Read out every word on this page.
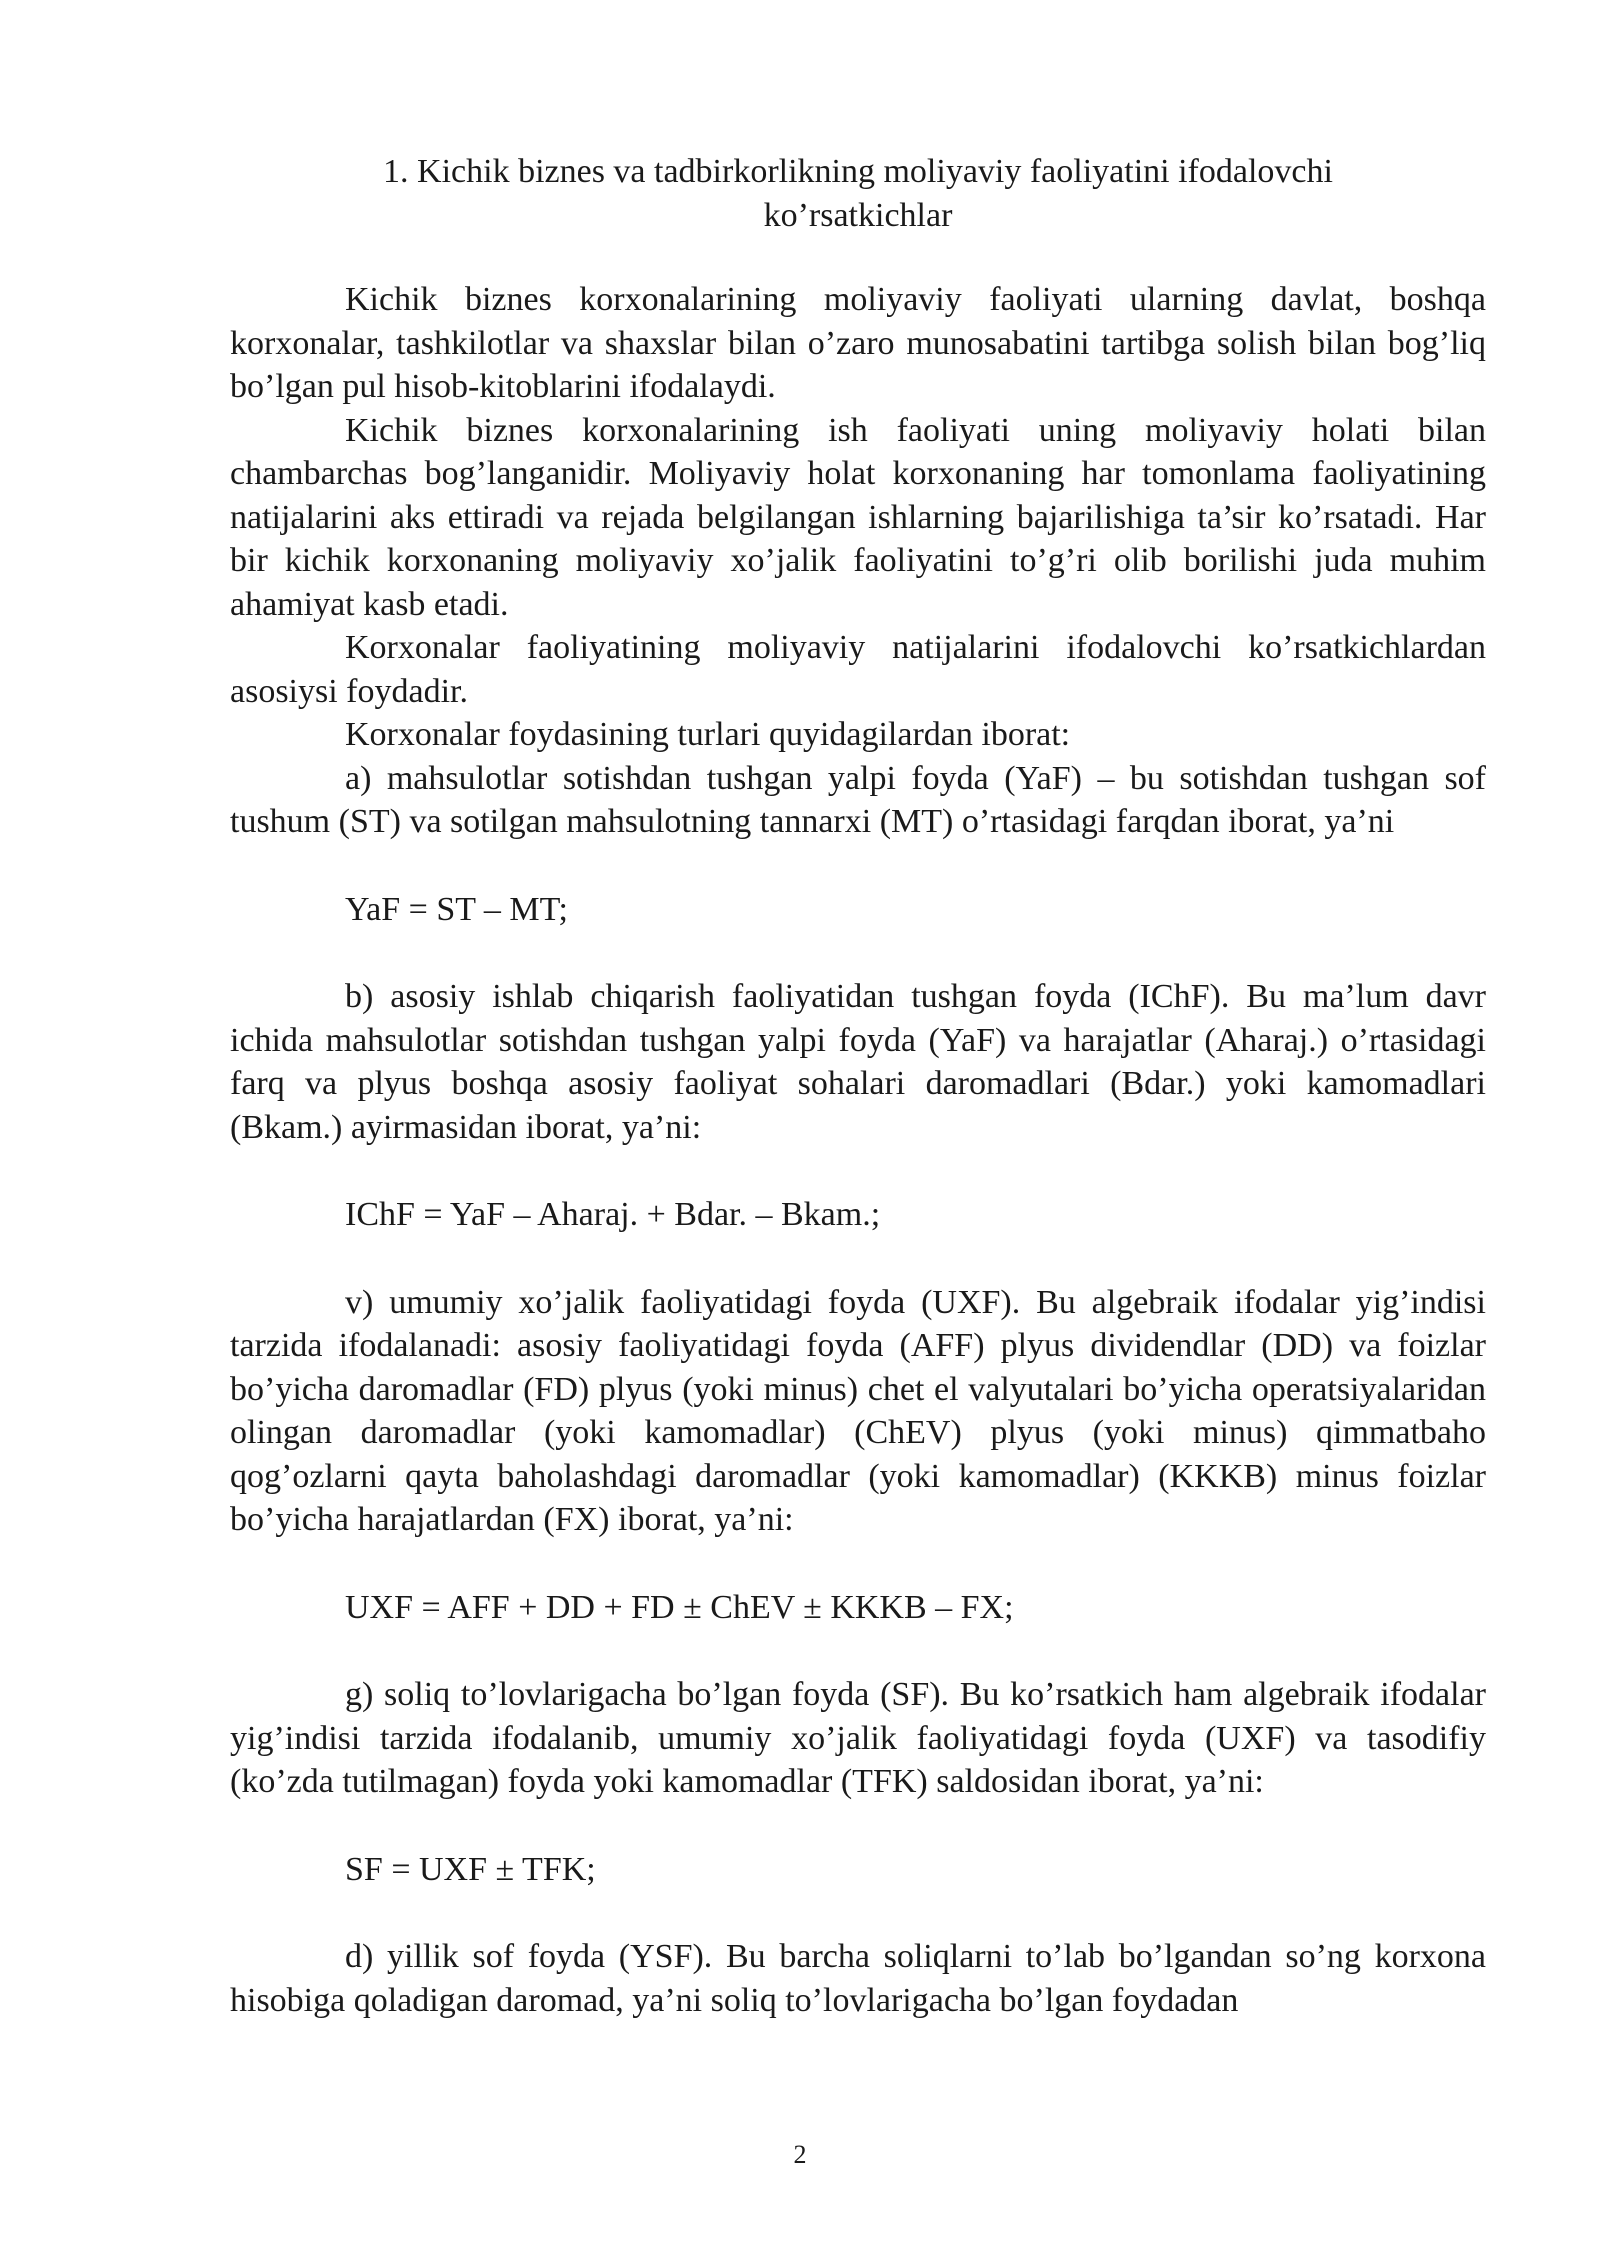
1. Kichik biznes va tadbirkorlikning moliyaviy faoliyatini ifodalovchi
ko’rsatkichlar

Kichik biznes korxonalarining moliyaviy faoliyati ularning davlat, boshqa korxonalar, tashkilotlar va shaxslar bilan o’zaro munosabatini tartibga solish bilan bog’liq bo’lgan pul hisob-kitoblarini ifodalaydi.

Kichik biznes korxonalarining ish faoliyati uning moliyaviy holati bilan chambarchas bog’langanidir. Moliyaviy holat korxonaning har tomonlama faoliyatining natijalarini aks ettiradi va rejada belgilangan ishlarning bajarilishiga ta’sir ko’rsatadi. Har bir kichik korxonaning moliyaviy xo’jalik faoliyatini to’g’ri olib borilishi juda muhim ahamiyat kasb etadi.

Korxonalar faoliyatining moliyaviy natijalarini ifodalovchi ko’rsatkichlardan asosiysi foydadir.

Korxonalar foydasining turlari quyidagilardan iborat:

a) mahsulotlar sotishdan tushgan yalpi foyda (YaF) – bu sotishdan tushgan sof tushum (ST) va sotilgan mahsulotning tannarxi (MT) o’rtasidagi farqdan iborat, ya’ni

YaF = ST – MT;

b) asosiy ishlab chiqarish faoliyatidan tushgan foyda (IChF). Bu ma’lum davr ichida mahsulotlar sotishdan tushgan yalpi foyda (YaF) va harajatlar (Aharaj.) o’rtasidagi farq va plyus boshqa asosiy faoliyat sohalari daromadlari (Bdar.) yoki kamomadlari (Bkam.) ayirmasidan iborat, ya’ni:

IChF = YaF – Aharaj. + Bdar. – Bkam.;

v) umumiy xo’jalik faoliyatidagi foyda (UXF). Bu algebraik ifodalar yig’indisi tarzida ifodalanadi: asosiy faoliyatidagi foyda (AFF) plyus dividendlar (DD) va foizlar bo’yicha daromadlar (FD) plyus (yoki minus) chet el valyutalari bo’yicha operatsiyalaridan olingan daromadlar (yoki kamomadlar) (ChEV) plyus (yoki minus) qimmatbaho qog’ozlarni qayta baholashdagi daromadlar (yoki kamomadlar) (KKKB) minus foizlar bo’yicha harajatlardan (FX) iborat, ya’ni:

UXF = AFF + DD + FD ± ChEV ± KKKB – FX;

g) soliq to’lovlarigacha bo’lgan foyda (SF). Bu ko’rsatkich ham algebraik ifodalar yig’indisi tarzida ifodalanib, umumiy xo’jalik faoliyatidagi foyda (UXF) va tasodifiy (ko’zda tutilmagan) foyda yoki kamomadlar (TFK) saldosidan iborat, ya’ni:

SF = UXF ± TFK;

d) yillik sof foyda (YSF). Bu barcha soliqlarni to’lab bo’lgandan so’ng korxona hisobiga qoladigan daromad, ya’ni soliq to’lovlarigacha bo’lgan foydadan

2
